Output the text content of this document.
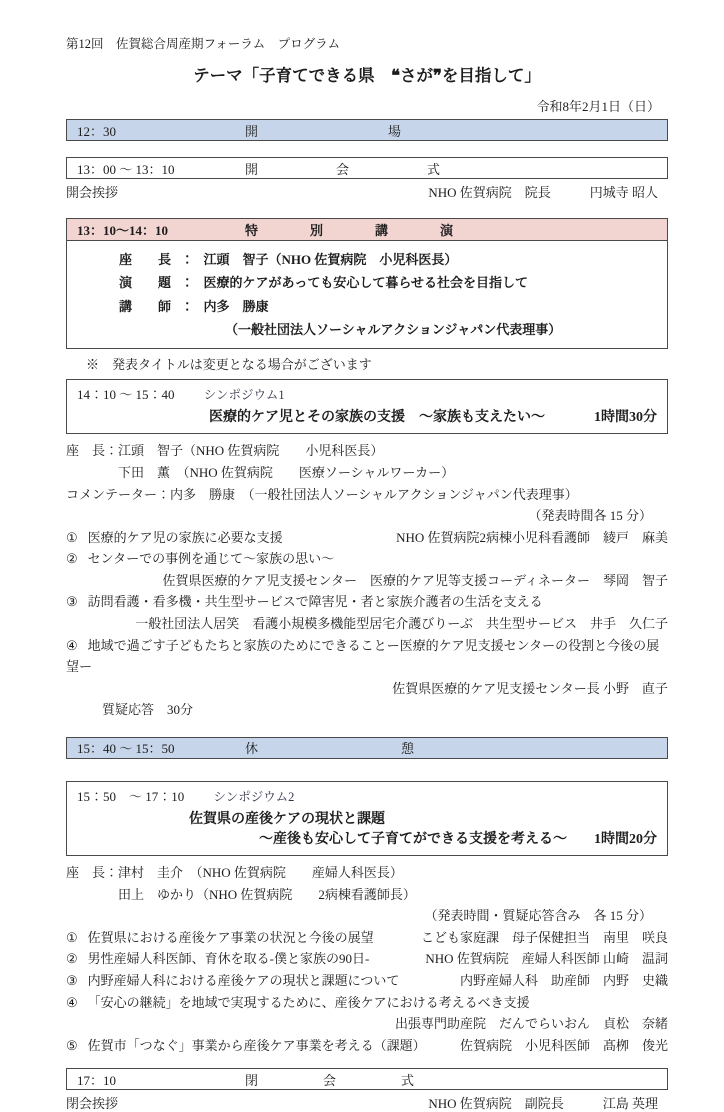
第12回　佐賀総合周産期フォーラム　プログラム
テーマ「子育てできる県　❝さが❞を目指して」
令和8年2月1日（日）
12：30	開　　　　　　　　　　場
13：00 ～ 13：10	開　　　　　　会　　　　　　式
開会挨拶	NHO 佐賀病院　院長　　　円城寺 昭人
13：10～14：10	特　　　　別　　　　講　　　　演
座　　長　：　江頭　智子（NHO 佐賀病院　小児科医長）
演　　題　：　医療的ケアがあっても安心して暮らせる社会を目指して
講　　師　：　内多　勝康
（一般社団法人ソーシャルアクションジャパン代表理事）
※　発表タイトルは変更となる場合がございます
14：10 ～ 15：40 シンポジウム1
医療的ケア児とその家族の支援　～家族も支えたい～	1時間30分
座　長：江頭　智子（NHO 佐賀病院　　小児科医長）
下田　薫　（NHO 佐賀病院　　医療ソーシャルワーカー）
コメンテーター：内多　勝康　（一般社団法人ソーシャルアクションジャパン代表理事）
（発表時間各 15 分）
① 医療的ケア児の家族に必要な支援	NHO 佐賀病院2病棟小児科看護師　綾戸　麻美
② センターでの事例を通じて～家族の思い～
佐賀県医療的ケア児支援センター　医療的ケア児等支援コーディネーター　琴岡　智子
③ 訪問看護・看多機・共生型サービスで障害児・者と家族介護者の生活を支える
一般社団法人居笑　看護小規模多機能型居宅介護びりーぶ　共生型サービス　井手　久仁子
④ 地域で過ごす子どもたちと家族のためにできることー医療的ケア児支援センターの役割と今後の展望ー
佐賀県医療的ケア児支援センター長 小野　直子
質疑応答　30分
15：40 ～ 15：50	休　　　　　　　　　　　憩
15：50　～ 17：10 シンポジウム2
佐賀県の産後ケアの現状と課題
～産後も安心して子育てができる支援を考える～ 1時間20分
座　長：津村　圭介　（NHO 佐賀病院　　産婦人科医長）
田上　ゆかり（NHO 佐賀病院　　2病棟看護師長）
（発表時間・質疑応答含み　各 15 分）
① 佐賀県における産後ケア事業の状況と今後の展望	こども家庭課　母子保健担当　南里　咲良
② 男性産婦人科医師、育休を取る-僕と家族の90日-	NHO 佐賀病院　産婦人科医師 山崎　温詞
③ 内野産婦人科における産後ケアの現状と課題について	内野産婦人科　助産師　内野　史織
④ 「安心の継続」を地域で実現するために、産後ケアにおける考えるべき支援
出張専門助産院　だんでらいおん　貞松　奈緒
⑤ 佐賀市「つなぐ」事業から産後ケア事業を考える（課題）	佐賀病院　小児科医師　髙栁　俊光
17：10	閉　　　　　会　　　　　式
閉会挨拶	NHO 佐賀病院　副院長　　　江島 英理
